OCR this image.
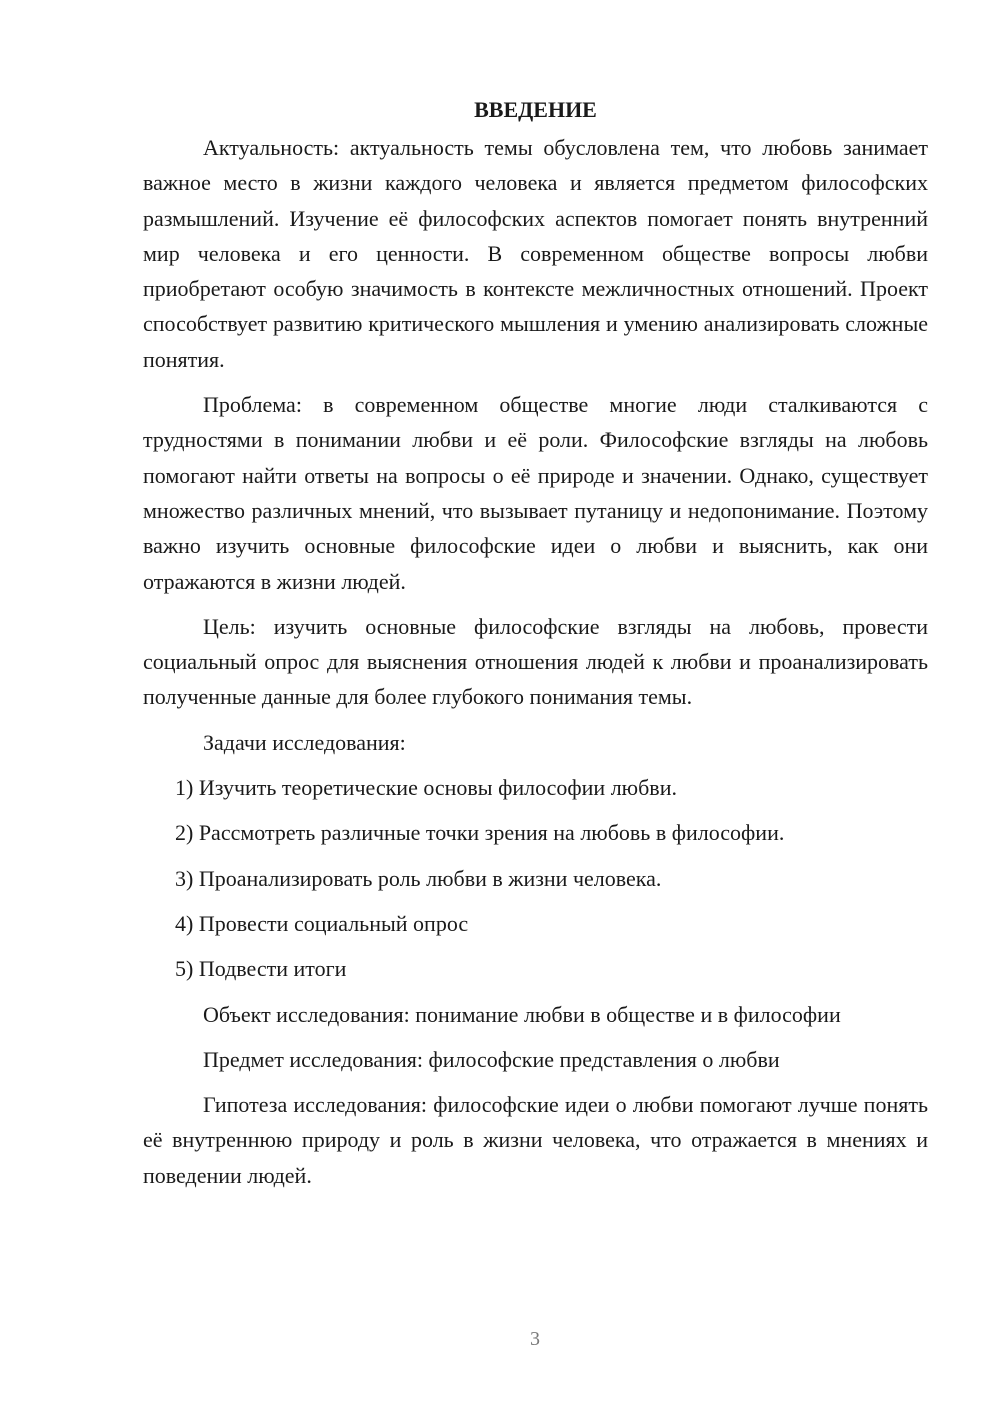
ВВЕДЕНИЕ

Актуальность: актуальность темы обусловлена тем, что любовь занимает важное место в жизни каждого человека и является предметом философских размышлений. Изучение её философских аспектов помогает понять внутренний мир человека и его ценности. В современном обществе вопросы любви приобретают особую значимость в контексте межличностных отношений. Проект способствует развитию критического мышления и умению анализировать сложные понятия.

Проблема: в современном обществе многие люди сталкиваются с трудностями в понимании любви и её роли. Философские взгляды на любовь помогают найти ответы на вопросы о её природе и значении. Однако, существует множество различных мнений, что вызывает путаницу и недопонимание. Поэтому важно изучить основные философские идеи о любви и выяснить, как они отражаются в жизни людей.

Цель: изучить основные философские взгляды на любовь, провести социальный опрос для выяснения отношения людей к любви и проанализировать полученные данные для более глубокого понимания темы.

Задачи исследования:

1) Изучить теоретические основы философии любви.

2) Рассмотреть различные точки зрения на любовь в философии.

3) Проанализировать роль любви в жизни человека.

4) Провести социальный опрос

5) Подвести итоги

Объект исследования: понимание любви в обществе и в философии

Предмет исследования: философские представления о любви

Гипотеза исследования: философские идеи о любви помогают лучше понять её внутреннюю природу и роль в жизни человека, что отражается в мнениях и поведении людей.

3
